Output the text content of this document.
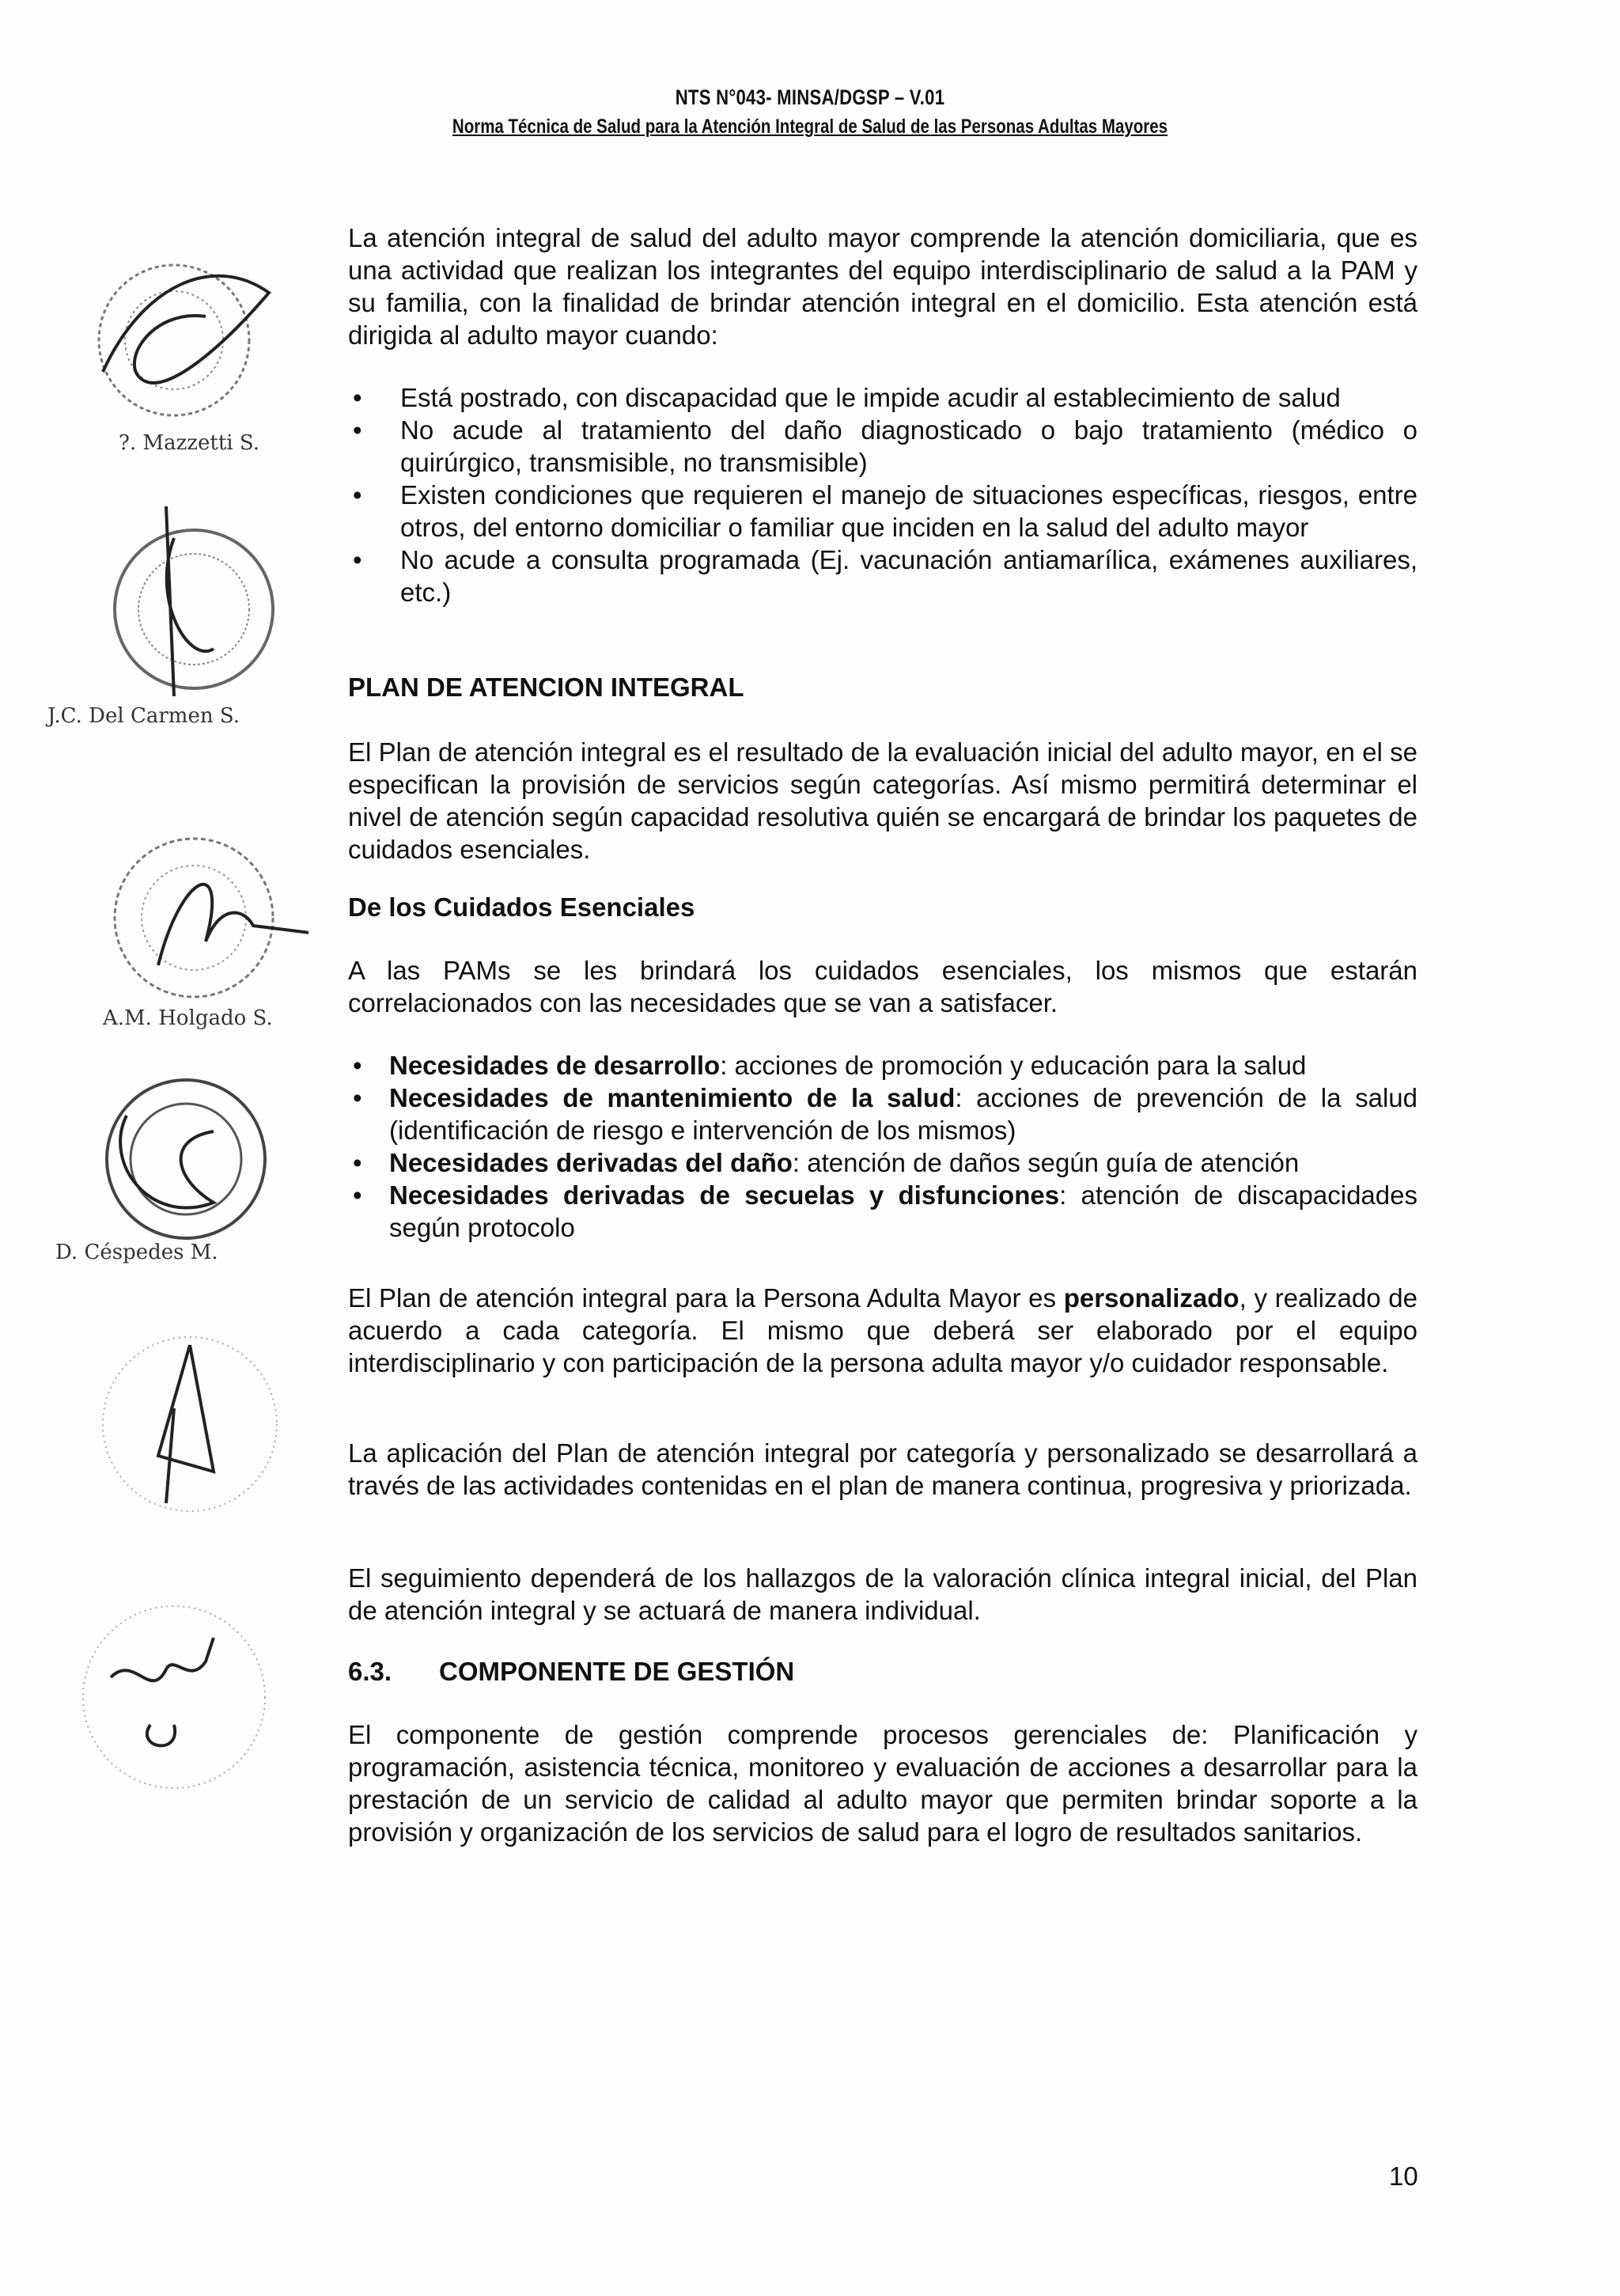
NTS N°043- MINSA/DGSP – V.01
Norma Técnica de Salud para la Atención Integral de Salud de las Personas Adultas Mayores
?. Mazzetti S.
J.C. Del Carmen S.
A.M. Holgado S.
D. Céspedes M.

La atención integral de salud del adulto mayor comprende la atención domiciliaria, que es una actividad que realizan los integrantes del equipo interdisciplinario de salud a la PAM y su familia, con la finalidad de brindar atención integral en el domicilio. Esta atención está dirigida al adulto mayor cuando:

• Está postrado, con discapacidad que le impide acudir al establecimiento de salud
• No acude al tratamiento del daño diagnosticado o bajo tratamiento (médico o quirúrgico, transmisible, no transmisible)
• Existen condiciones que requieren el manejo de situaciones específicas, riesgos, entre otros, del entorno domiciliar o familiar que inciden en la salud del adulto mayor
• No acude a consulta programada (Ej. vacunación antiamarílica, exámenes auxiliares, etc.)
PLAN DE ATENCION INTEGRAL

El Plan de atención integral es el resultado de la evaluación inicial del adulto mayor, en el se especifican la provisión de servicios según categorías. Así mismo permitirá determinar el nivel de atención según capacidad resolutiva quién se encargará de brindar los paquetes de cuidados esenciales.

De los Cuidados Esenciales

A las PAMs se les brindará los cuidados esenciales, los mismos que estarán correlacionados con las necesidades que se van a satisfacer.

• Necesidades de desarrollo: acciones de promoción y educación para la salud
• Necesidades de mantenimiento de la salud: acciones de prevención de la salud (identificación de riesgo e intervención de los mismos)
• Necesidades derivadas del daño: atención de daños según guía de atención
• Necesidades derivadas de secuelas y disfunciones: atención de discapacidades según protocolo

El Plan de atención integral para la Persona Adulta Mayor es personalizado, y realizado de acuerdo a cada categoría. El mismo que deberá ser elaborado por el equipo interdisciplinario y con participación de la persona adulta mayor y/o cuidador responsable.

La aplicación del Plan de atención integral por categoría y personalizado se desarrollará a través de las actividades contenidas en el plan de manera continua, progresiva y priorizada.

El seguimiento dependerá de los hallazgos de la valoración clínica integral inicial, del Plan de atención integral y se actuará de manera individual.

6.3. COMPONENTE DE GESTIÓN

El componente de gestión comprende procesos gerenciales de: Planificación y programación, asistencia técnica, monitoreo y evaluación de acciones a desarrollar para la prestación de un servicio de calidad al adulto mayor que permiten brindar soporte a la provisión y organización de los servicios de salud para el logro de resultados sanitarios.

10
